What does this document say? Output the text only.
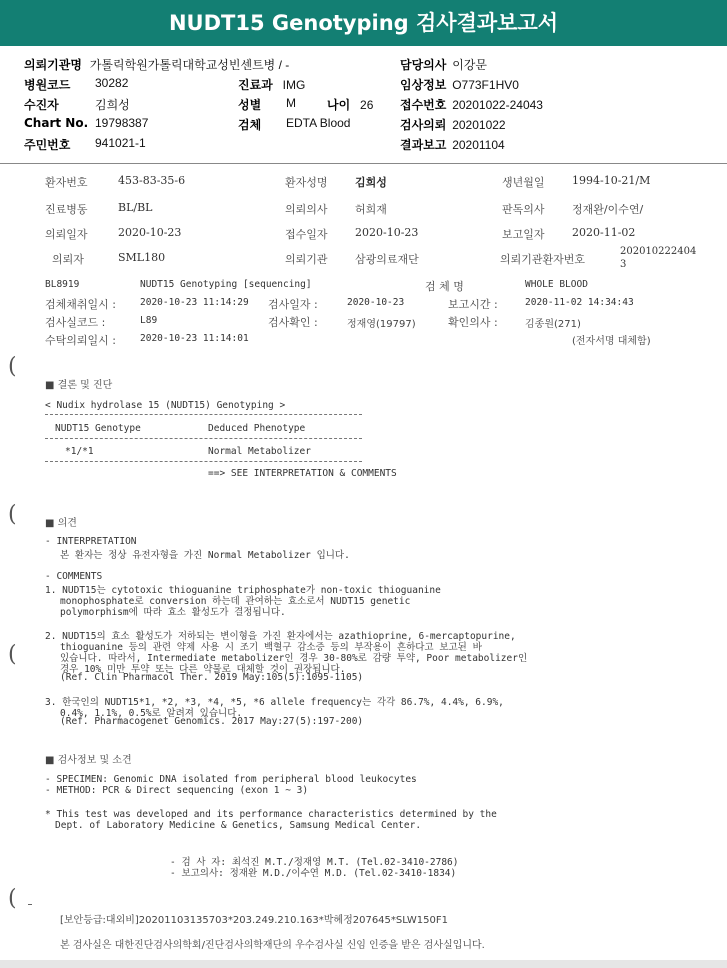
NUDT15 Genotyping 검사결과보고서
의뢰기관명 가톨릭학원가톨릭대학교성빈센트병 / -	담당의사 이강문
병원코드 30282	진료과 IMG	임상정보 O773F1HV0
수진자	김희성	성별 M	나이 26 접수번호 20201022-24043
Chart No. 19798387	검체 EDTA Blood	검사의뢰 20201022
주민번호 941021-1	결과보고 20201104
환자번호	453-83-35-6	환자성명 김희성	생년월일 1994-10-21/M
진료병동	BL/BL	의뢰의사 허희재	판독의사 정재완/이수연/
의뢰일자	2020-10-23	접수일자 2020-10-23	보고일자 2020-11-02
의뢰자	SML180	의뢰기관 삼광의료재단	의뢰기관환자번호
202010222404
3
BL8919	NUDT15 Genotyping [sequencing]	검 체 명	WHOLE BLOOD
검체채취일시 :	2020-10-23 11:14:29 검사일자 :	2020-10-23	보고시간 :	2020-11-02 14:34:43
검사실코드 :	L89	검사확인 :	정재영(19797)	확인의사 :	김종원(271)
수탁의뢰일시 :	2020-10-23 11:14:01	(전자서명 대체함)
(
(
(
(
■ 결론 및 진단
< Nudix hydrolase 15 (NUDT15) Genotyping >
NUDT15 Genotype	Deduced Phenotype
*1/*1	Normal Metabolizer
==> SEE INTERPRETATION & COMMENTS
■ 의견
- INTERPRETATION
본 환자는 정상 유전자형을 가진 Normal Metabolizer 입니다.
- COMMENTS
1. NUDT15는 cytotoxic thioguanine triphosphate가 non-toxic thioguanine
monophosphate로 conversion 하는데 관여하는 효소로서 NUDT15 genetic
polymorphism에 따라 효소 활성도가 결정됩니다.
2. NUDT15의 효소 활성도가 저하되는 변이형을 가진 환자에서는 azathioprine, 6-mercaptopurine,
thioguanine 등의 관련 약제 사용 시 조기 백혈구 감소증 등의 부작용이 흔하다고 보고된 바
있습니다. 따라서, Intermediate metabolizer인 경우 30-80%로 감량 투약, Poor metabolizer인
경우 10% 미만 투약 또는 다른 약물로 대체할 것이 권장됩니다.
(Ref. Clin Pharmacol Ther. 2019 May:105(5):1095-1105)
3. 한국인의 NUDT15*1, *2, *3, *4, *5, *6 allele frequency는 각각 86.7%, 4.4%, 6.9%,
0.4%, 1.1%, 0.5%로 알려져 있습니다.
(Ref. Pharmacogenet Genomics. 2017 May:27(5):197-200)
■ 검사정보 및 소견
- SPECIMEN: Genomic DNA isolated from peripheral blood leukocytes
- METHOD: PCR & Direct sequencing (exon 1 ~ 3)
* This test was developed and its performance characteristics determined by the
Dept. of Laboratory Medicine & Genetics, Samsung Medical Center.
- 검 사 자: 최석진 M.T./정재영 M.T. (Tel.02-3410-2786)
- 보고의사: 정재완 M.D./이수연 M.D. (Tel.02-3410-1834)
[보안등급:대외비]20201103135703*203.249.210.163*박혜정207645*SLW150F1
본 검사실은 대한진단검사의학회/진단검사의학재단의 우수검사실 신임 인증을 받은 검사실입니다.
